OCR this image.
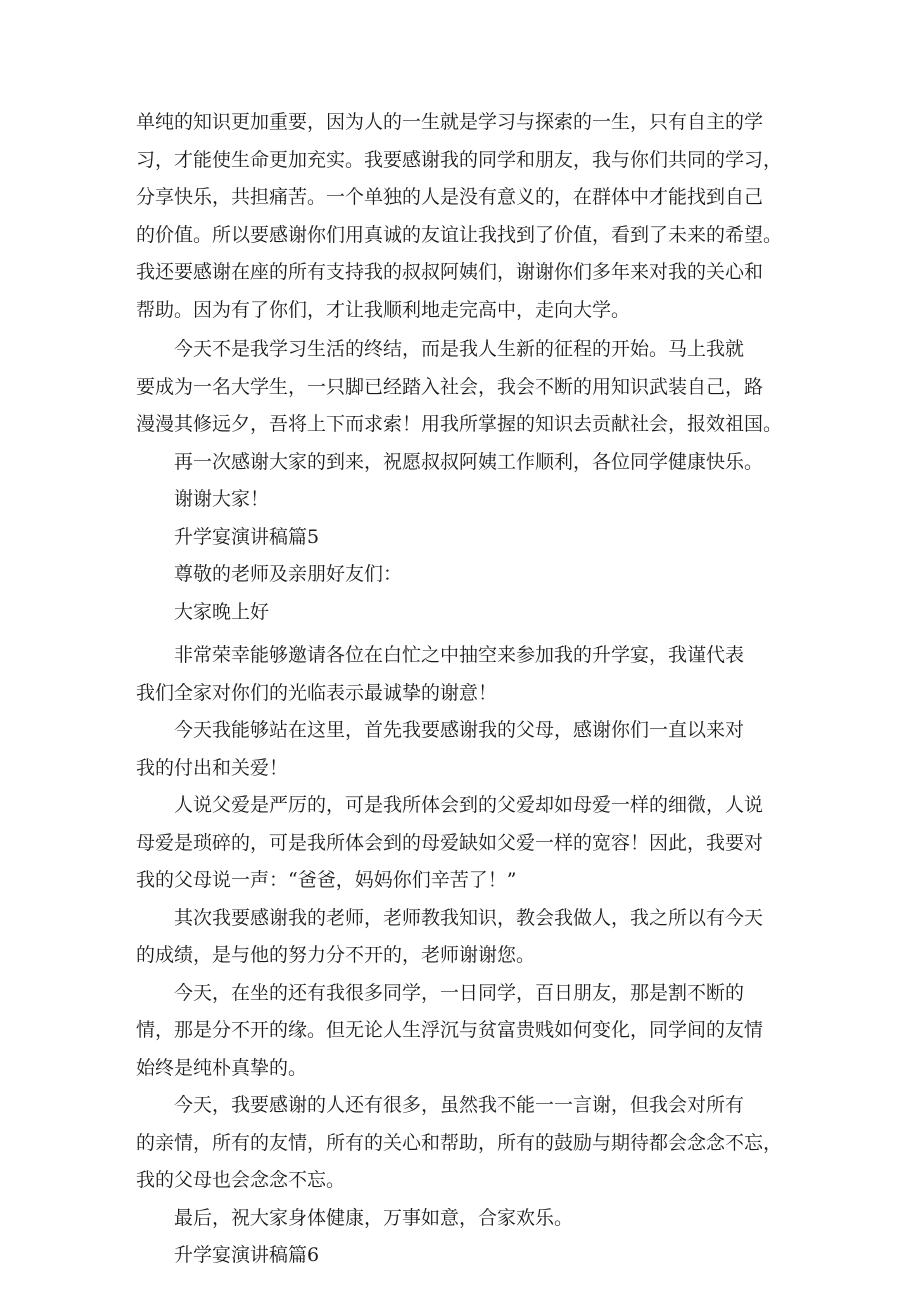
单纯的知识更加重要，因为人的一生就是学习与探索的一生，只有自主的学
习，才能使生命更加充实。我要感谢我的同学和朋友，我与你们共同的学习，
分享快乐，共担痛苦。一个单独的人是没有意义的，在群体中才能找到自己
的价值。所以要感谢你们用真诚的友谊让我找到了价值，看到了未来的希望。
我还要感谢在座的所有支持我的叔叔阿姨们，谢谢你们多年来对我的关心和
帮助。因为有了你们，才让我顺利地走完高中，走向大学。
今天不是我学习生活的终结，而是我人生新的征程的开始。马上我就
要成为一名大学生，一只脚已经踏入社会，我会不断的用知识武装自己，路
漫漫其修远夕，吾将上下而求索！用我所掌握的知识去贡献社会，报效祖国。
再一次感谢大家的到来，祝愿叔叔阿姨工作顺利，各位同学健康快乐。
谢谢大家！
升学宴演讲稿篇5
尊敬的老师及亲朋好友们：
大家晚上好
非常荣幸能够邀请各位在白忙之中抽空来参加我的升学宴，我谨代表
我们全家对你们的光临表示最诚挚的谢意！
今天我能够站在这里，首先我要感谢我的父母，感谢你们一直以来对
我的付出和关爱！
人说父爱是严厉的，可是我所体会到的父爱却如母爱一样的细微，人说
母爱是琐碎的，可是我所体会到的母爱缺如父爱一样的宽容！因此，我要对
我的父母说一声：“爸爸，妈妈你们辛苦了！”
其次我要感谢我的老师，老师教我知识，教会我做人，我之所以有今天
的成绩，是与他的努力分不开的，老师谢谢您。
今天，在坐的还有我很多同学，一日同学，百日朋友，那是割不断的
情，那是分不开的缘。但无论人生浮沉与贫富贵贱如何变化，同学间的友情
始终是纯朴真挚的。
今天，我要感谢的人还有很多，虽然我不能一一言谢，但我会对所有
的亲情，所有的友情，所有的关心和帮助，所有的鼓励与期待都会念念不忘，
我的父母也会念念不忘。
最后，祝大家身体健康，万事如意，合家欢乐。
升学宴演讲稿篇6
